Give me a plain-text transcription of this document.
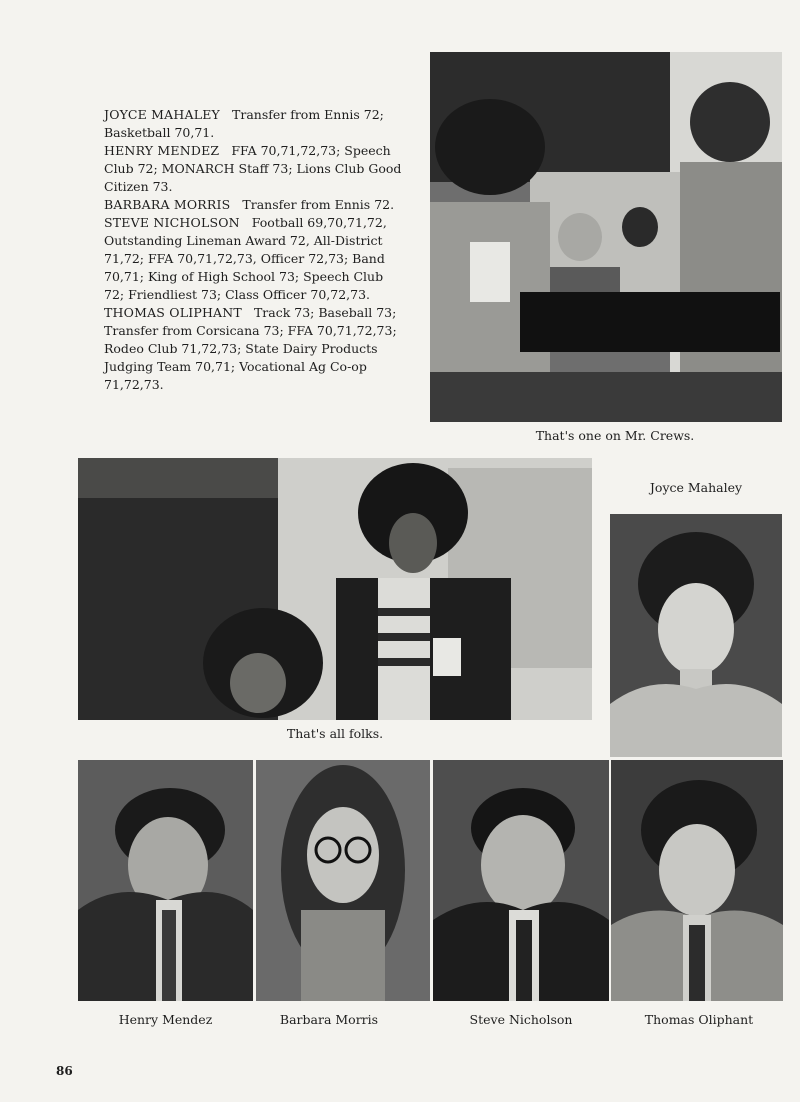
JOYCE MAHALEY Transfer from Ennis 72; Basketball 70,71.
HENRY MENDEZ FFA 70,71,72,73; Speech Club 72; MONARCH Staff 73; Lions Club Good Citizen 73.
BARBARA MORRIS Transfer from Ennis 72.
STEVE NICHOLSON Football 69,70,71,72, Outstanding Lineman Award 72, All-District 71,72; FFA 70,71,72,73, Officer 72,73; Band 70,71; King of High School 73; Speech Club 72; Friendliest 73; Class Officer 70,72,73.
THOMAS OLIPHANT Track 73; Baseball 73; Transfer from Corsicana 73; FFA 70,71,72,73; Rodeo Club 71,72,73; State Dairy Products Judging Team 70,71; Vocational Ag Co-op 71,72,73.
That's one on Mr. Crews.
That's all folks.
Joyce Mahaley
Henry Mendez	Barbara Morris	Steve Nicholson	Thomas Oliphant
86
